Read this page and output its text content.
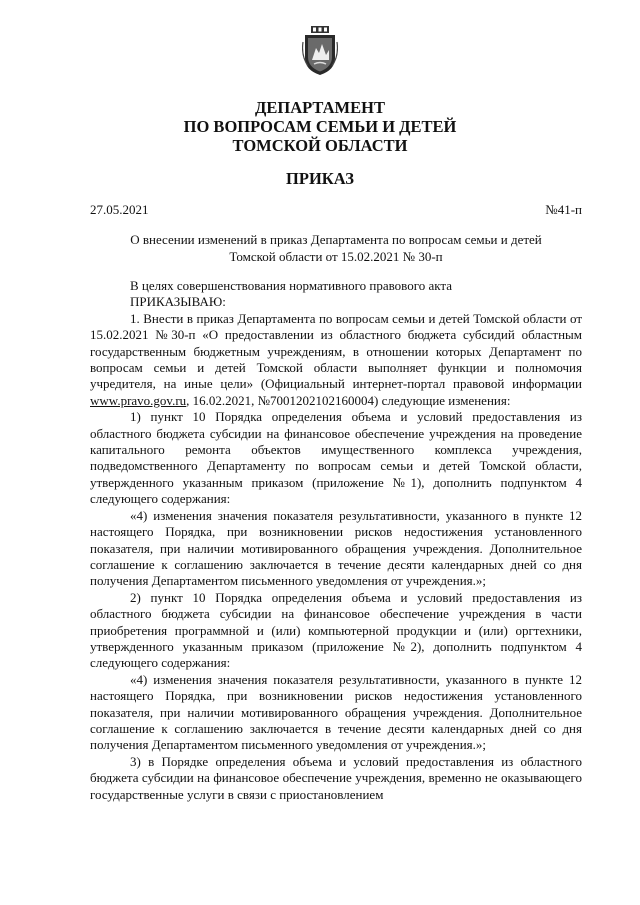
ДЕПАРТАМЕНТ
ПО ВОПРОСАМ СЕМЬИ И ДЕТЕЙ
ТОМСКОЙ ОБЛАСТИ
ПРИКАЗ
27.05.2021	№41-п
О внесении изменений в приказ Департамента по вопросам семьи и детей
Томской области от 15.02.2021 № 30-п

В целях совершенствования нормативного правового акта

ПРИКАЗЫВАЮ:

1. Внести в приказ Департамента по вопросам семьи и детей Томской области от 15.02.2021 №30-п «О предоставлении из областного бюджета субсидий областным государственным бюджетным учреждениям, в отношении которых Департамент по вопросам семьи и детей Томской области выполняет функции и полномочия учредителя, на иные цели» (Официальный интернет-портал правовой информации www.pravo.gov.ru, 16.02.2021, №7001202102160004) следующие изменения:

1) пункт 10 Порядка определения объема и условий предоставления из областного бюджета субсидии на финансовое обеспечение учреждения на проведение капитального ремонта объектов имущественного комплекса учреждения, подведомственного Департаменту по вопросам семьи и детей Томской области, утвержденного указанным приказом (приложение №1), дополнить подпунктом 4 следующего содержания:

«4) изменения значения показателя результативности, указанного в пункте 12 настоящего Порядка, при возникновении рисков недостижения установленного показателя, при наличии мотивированного обращения учреждения. Дополнительное соглашение к соглашению заключается в течение десяти календарных дней со дня получения Департаментом письменного уведомления от учреждения.»;

2) пункт 10 Порядка определения объема и условий предоставления из областного бюджета субсидии на финансовое обеспечение учреждения в части приобретения программной и (или) компьютерной продукции и (или) оргтехники, утвержденного указанным приказом (приложение №2), дополнить подпунктом 4 следующего содержания:

«4) изменения значения показателя результативности, указанного в пункте 12 настоящего Порядка, при возникновении рисков недостижения установленного показателя, при наличии мотивированного обращения учреждения. Дополнительное соглашение к соглашению заключается в течение десяти календарных дней со дня получения Департаментом письменного уведомления от учреждения.»;

3) в Порядке определения объема и условий предоставления из областного бюджета субсидии на финансовое обеспечение учреждения, временно не оказывающего государственные услуги в связи с приостановлением
